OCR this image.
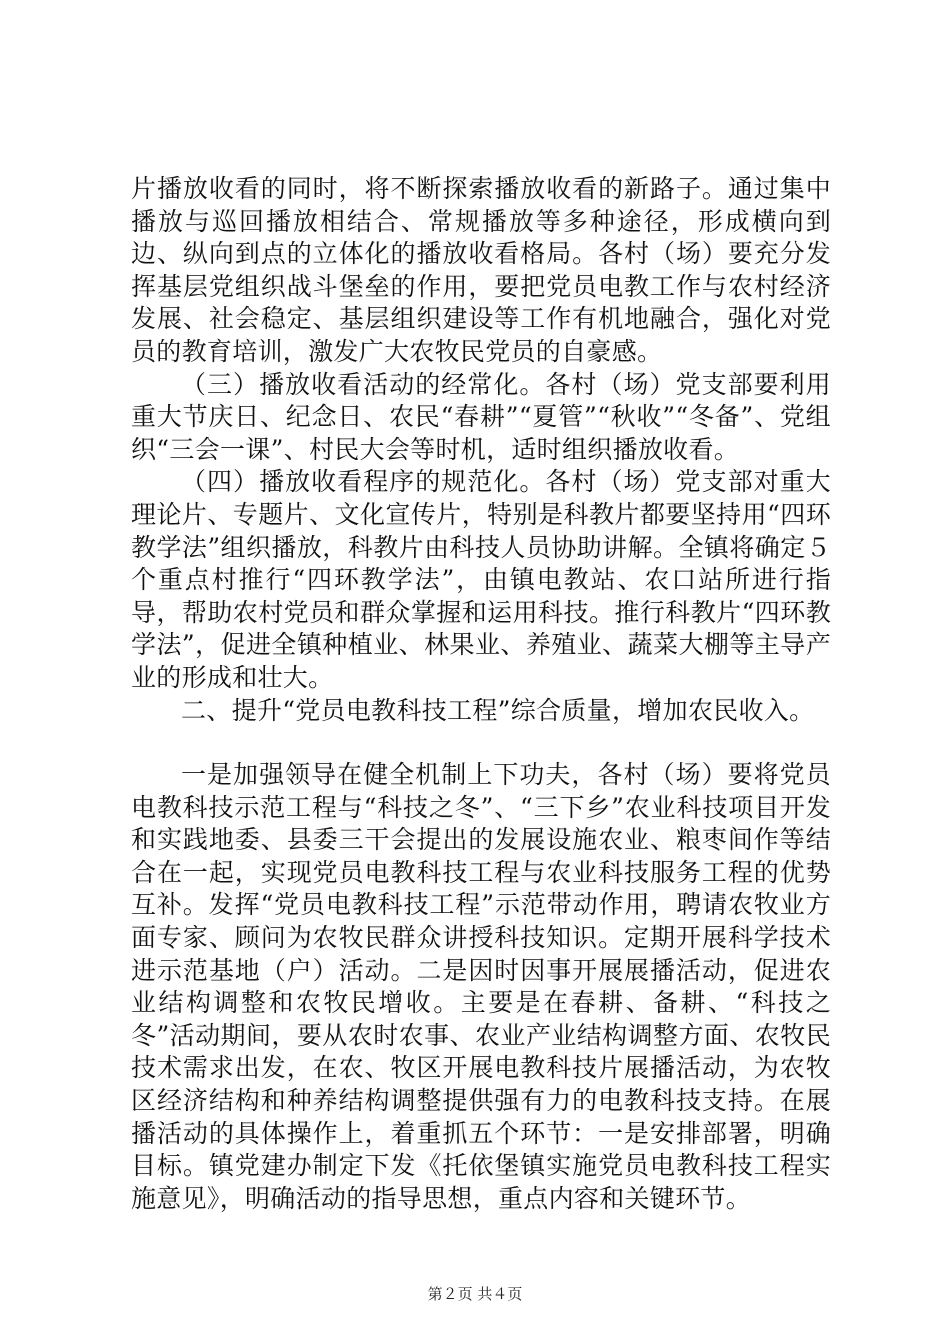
片播放收看的同时，将不断探索播放收看的新路子。通过集中播放与巡回播放相结合、常规播放等多种途径，形成横向到边、纵向到点的立体化的播放收看格局。各村（场）要充分发挥基层党组织战斗堡垒的作用，要把党员电教工作与农村经济发展、社会稳定、基层组织建设等工作有机地融合，强化对党员的教育培训，激发广大农牧民党员的自豪感。

（三）播放收看活动的经常化。各村（场）党支部要利用重大节庆日、纪念日、农民“春耕”“夏管”“秋收”“冬备”、党组织“三会一课”、村民大会等时机，适时组织播放收看。

（四）播放收看程序的规范化。各村（场）党支部对重大理论片、专题片、文化宣传片，特别是科教片都要坚持用“四环教学法”组织播放，科教片由科技人员协助讲解。全镇将确定５个重点村推行“四环教学法”，由镇电教站、农口站所进行指导，帮助农村党员和群众掌握和运用科技。推行科教片“四环教学法”，促进全镇种植业、林果业、养殖业、蔬菜大棚等主导产业的形成和壮大。

二、提升“党员电教科技工程”综合质量，增加农民收入。

一是加强领导在健全机制上下功夫，各村（场）要将党员电教科技示范工程与“科技之冬”、“三下乡”农业科技项目开发和实践地委、县委三干会提出的发展设施农业、粮枣间作等结合在一起，实现党员电教科技工程与农业科技服务工程的优势互补。发挥“党员电教科技工程”示范带动作用，聘请农牧业方面专家、顾问为农牧民群众讲授科技知识。定期开展科学技术进示范基地（户）活动。二是因时因事开展展播活动，促进农业结构调整和农牧民增收。主要是在春耕、备耕、“科技之冬”活动期间，要从农时农事、农业产业结构调整方面、农牧民技术需求出发，在农、牧区开展电教科技片展播活动，为农牧区经济结构和种养结构调整提供强有力的电教科技支持。在展播活动的具体操作上，着重抓五个环节：一是安排部署，明确目标。镇党建办制定下发《托依堡镇实施党员电教科技工程实施意见》，明确活动的指导思想，重点内容和关键环节。

第２页 共４页
